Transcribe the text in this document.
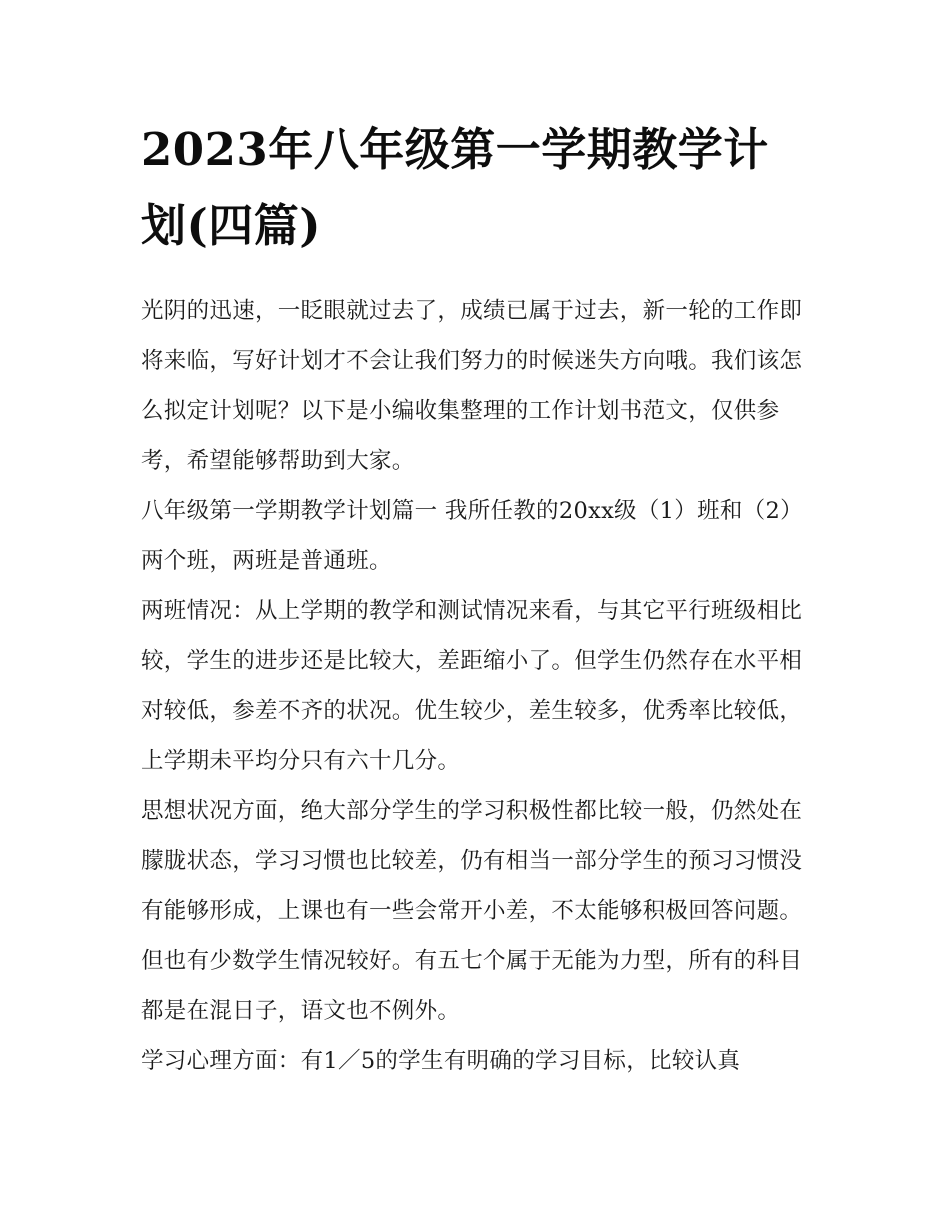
2023年八年级第一学期教学计划(四篇)

光阴的迅速，一眨眼就过去了，成绩已属于过去，新一轮的工作即将来临，写好计划才不会让我们努力的时候迷失方向哦。我们该怎么拟定计划呢？以下是小编收集整理的工作计划书范文，仅供参考，希望能够帮助到大家。

八年级第一学期教学计划篇一 我所任教的20xx级（1）班和（2）两个班，两班是普通班。

两班情况：从上学期的教学和测试情况来看，与其它平行班级相比较，学生的进步还是比较大，差距缩小了。但学生仍然存在水平相对较低，参差不齐的状况。优生较少，差生较多，优秀率比较低，上学期未平均分只有六十几分。

思想状况方面，绝大部分学生的学习积极性都比较一般，仍然处在朦胧状态，学习习惯也比较差，仍有相当一部分学生的预习习惯没有能够形成，上课也有一些会常开小差，不太能够积极回答问题。但也有少数学生情况较好。有五七个属于无能为力型，所有的科目都是在混日子，语文也不例外。

学习心理方面：有1／5的学生有明确的学习目标，比较认真
